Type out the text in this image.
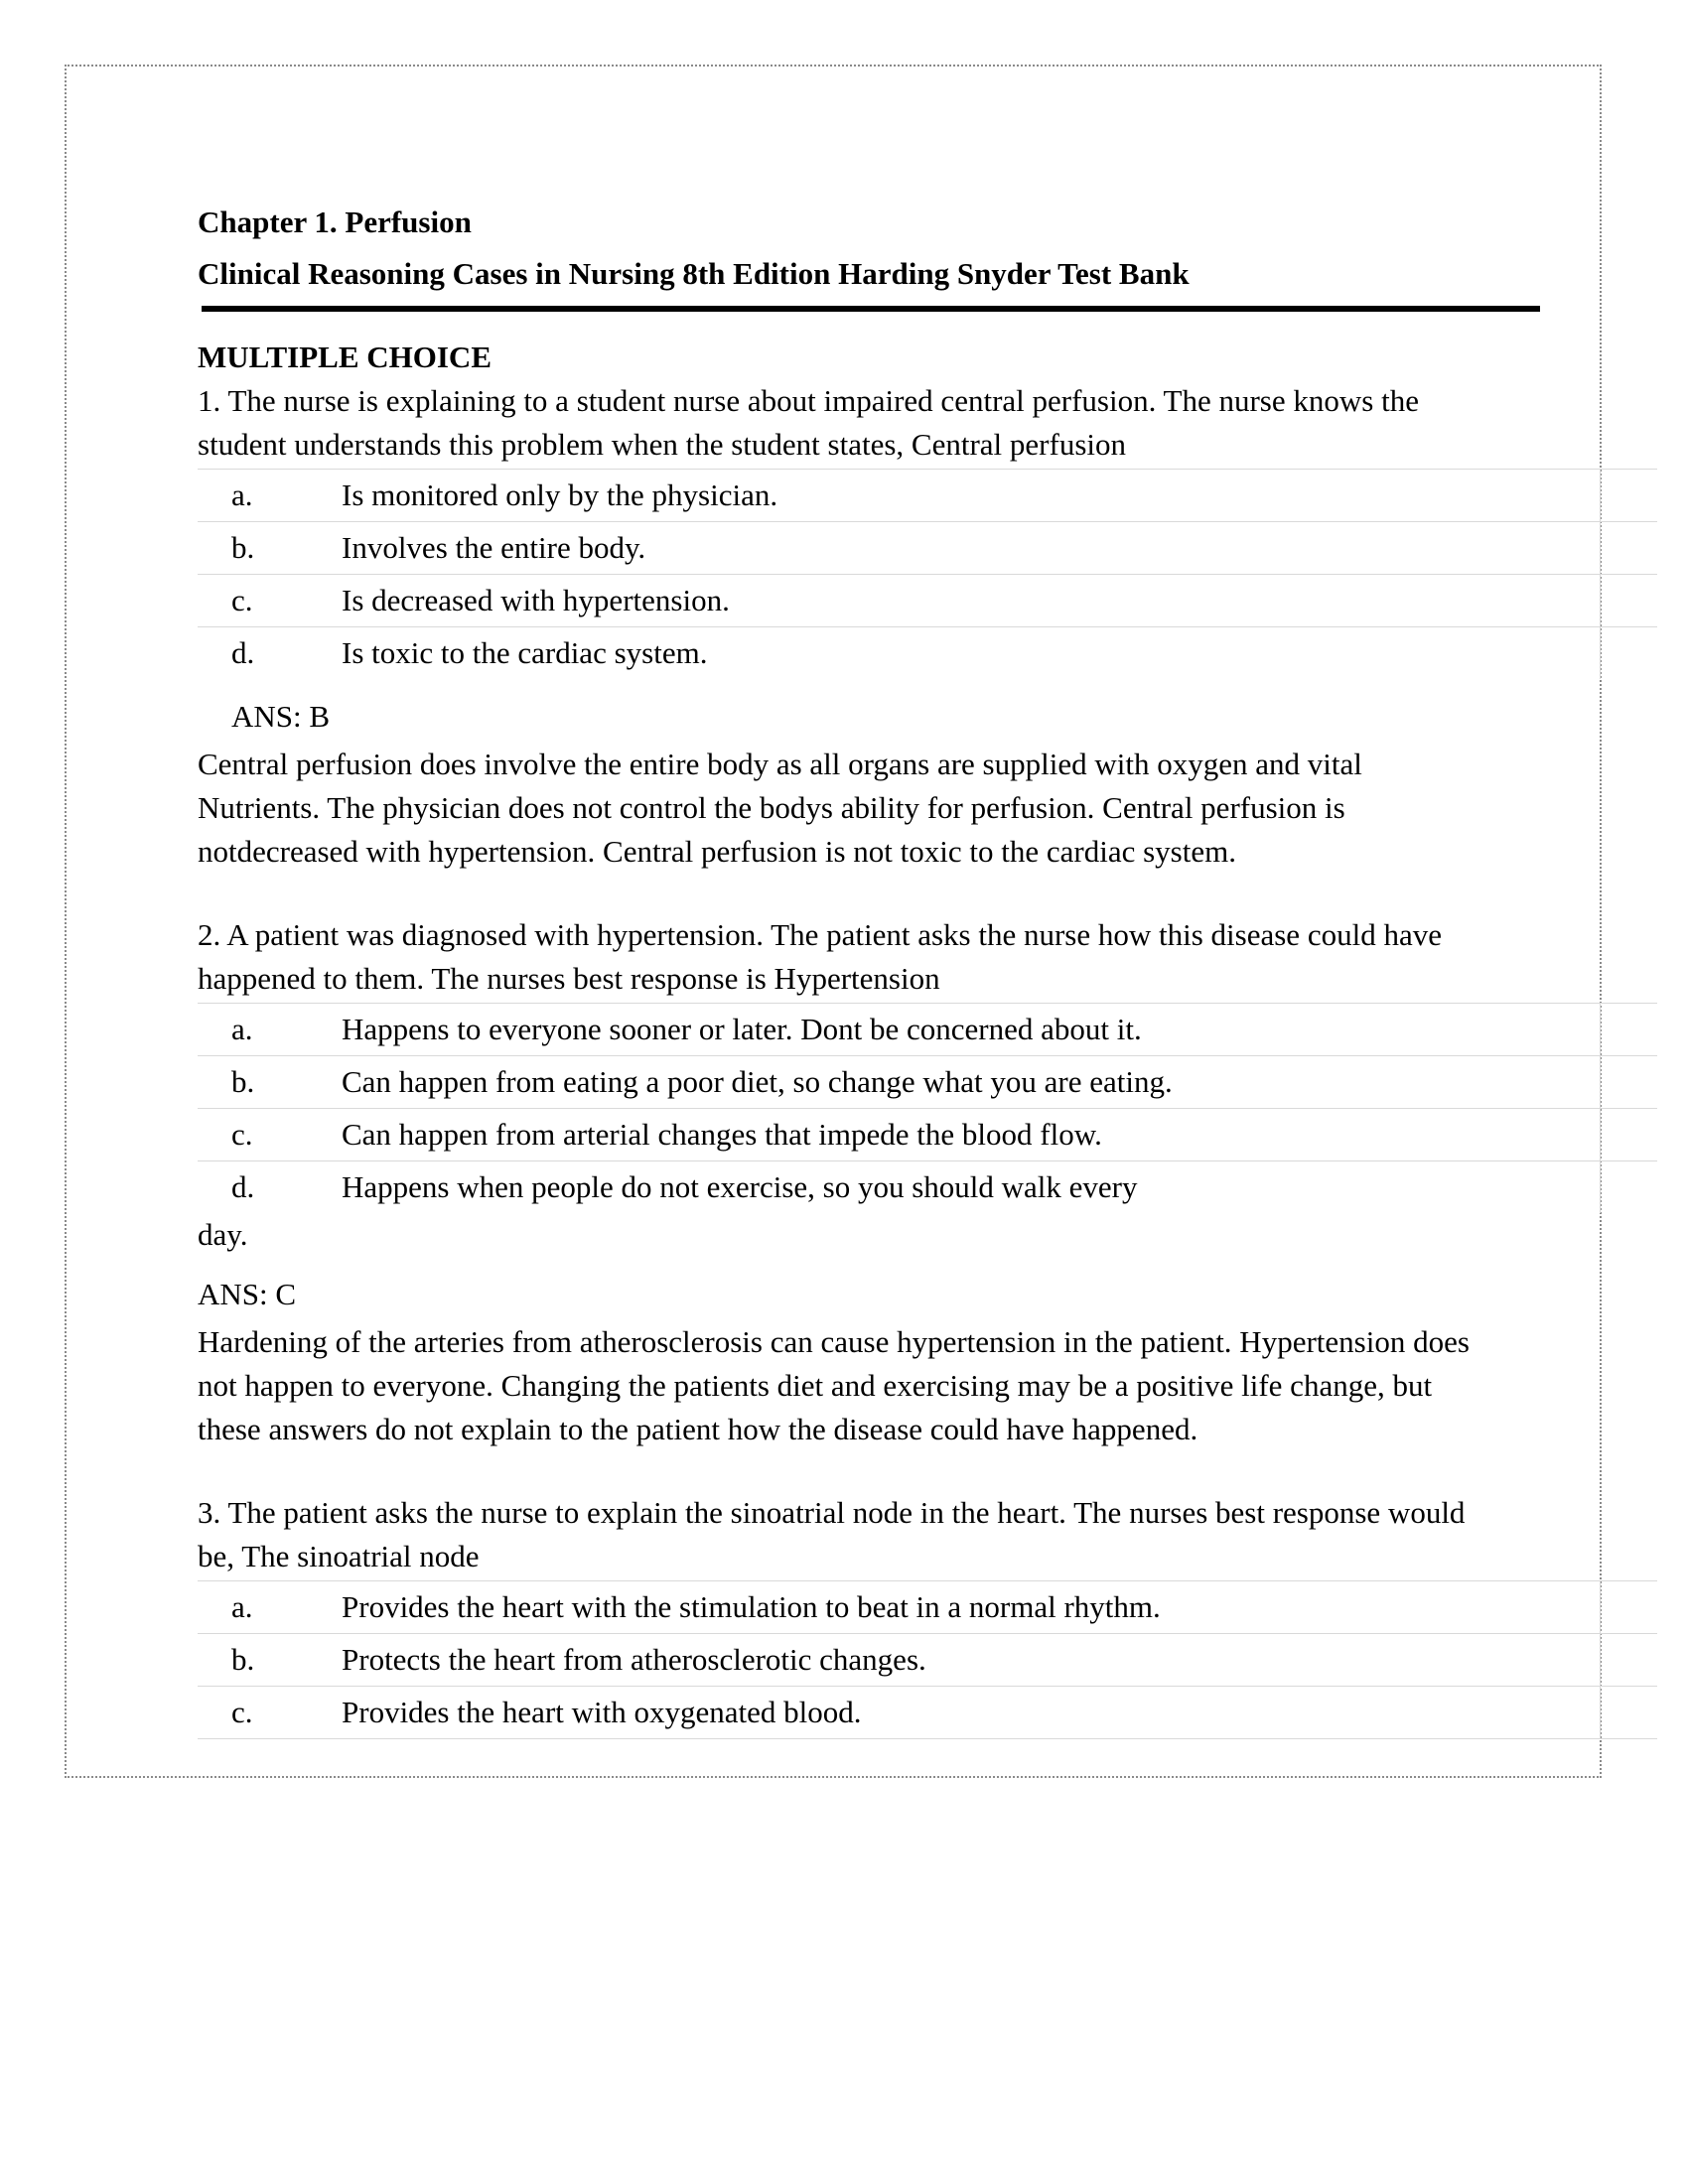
Chapter 1. Perfusion

Clinical Reasoning Cases in Nursing 8th Edition Harding Snyder Test Bank

MULTIPLE CHOICE

1. The nurse is explaining to a student nurse about impaired central perfusion. The nurse knows the student understands this problem when the student states, Central perfusion

a.	Is monitored only by the physician.
b.	Involves the entire body.
c.	Is decreased with hypertension.
d.	Is toxic to the cardiac system.

ANS: B

Central perfusion does involve the entire body as all organs are supplied with oxygen and vital Nutrients. The physician does not control the bodys ability for perfusion. Central perfusion is notdecreased with hypertension. Central perfusion is not toxic to the cardiac system.

2. A patient was diagnosed with hypertension. The patient asks the nurse how this disease could have happened to them. The nurses best response is Hypertension

a.	Happens to everyone sooner or later. Dont be concerned about it.
b.	Can happen from eating a poor diet, so change what you are eating.
c.	Can happen from arterial changes that impede the blood flow.
d.	Happens when people do not exercise, so you should walk every

day.

ANS: C

Hardening of the arteries from atherosclerosis can cause hypertension in the patient. Hypertension does not happen to everyone. Changing the patients diet and exercising may be a positive life change, but these answers do not explain to the patient how the disease could have happened.

3. The patient asks the nurse to explain the sinoatrial node in the heart. The nurses best response would be, The sinoatrial node

a.	Provides the heart with the stimulation to beat in a normal rhythm.
b.	Protects the heart from atherosclerotic changes.
c.	Provides the heart with oxygenated blood.
